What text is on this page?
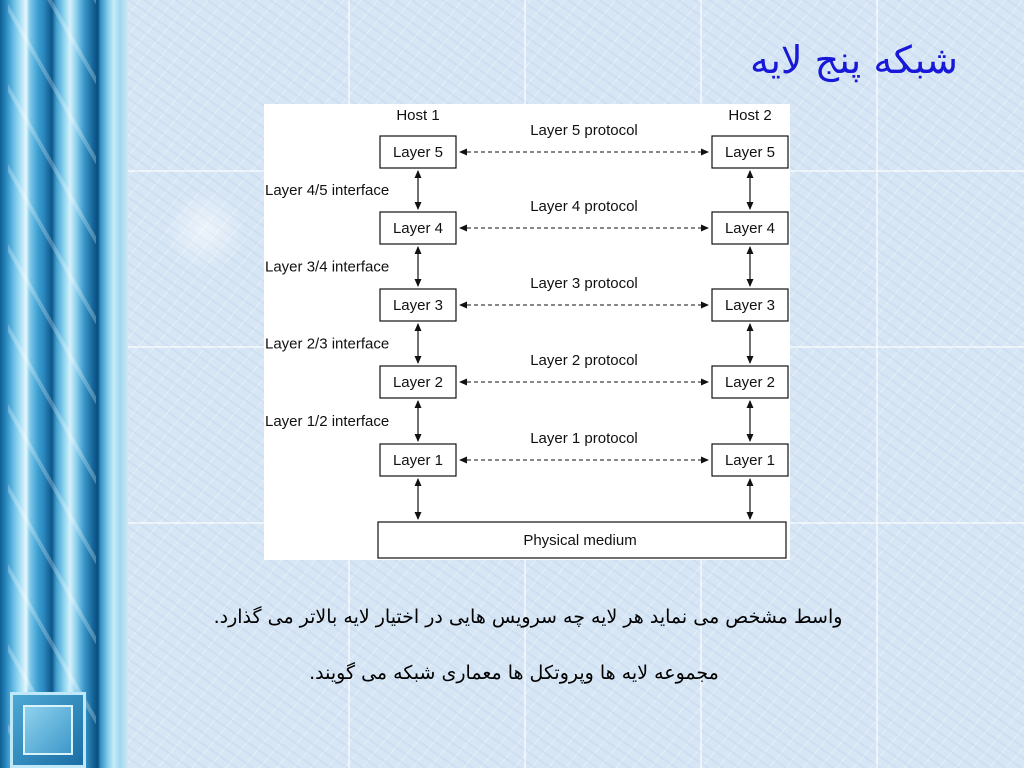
شبکه پنج لایه
Host 1	Host 2
Layer 5	Layer 5
Layer 5 protocol
Layer 4	Layer 4
Layer 4 protocol
Layer 3	Layer 3
Layer 3 protocol
Layer 2	Layer 2
Layer 2 protocol
Layer 1	Layer 1
Layer 1 protocol
Layer 4/5 interface
Layer 3/4 interface
Layer 2/3 interface
Layer 1/2 interface
Physical medium
واسط مشخص می نماید هر لایه چه سرویس هایی در اختیار لایه بالاتر می گذارد.
مجموعه لایه ها وپروتکل ها معماری شبکه می گویند.
